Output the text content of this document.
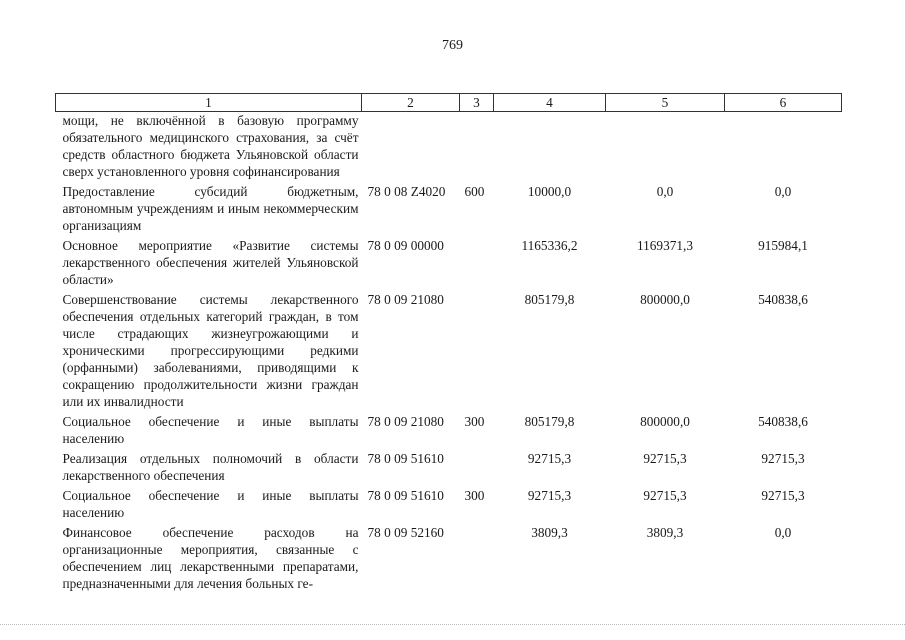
769
1	2	3	4	5	6
мощи, не включённой в базовую программу обязательного медицинского страхования, за счёт средств областного бюджета Ульяновской области сверх установленного уровня софинансирования					
Предоставление субсидий бюджетным, автономным учреждениям и иным некоммерческим организациям	78 0 08 Z4020	600	10000,0	0,0	0,0
Основное мероприятие «Развитие системы лекарственного обеспечения жителей Ульяновской области»	78 0 09 00000		1165336,2	1169371,3	915984,1
Совершенствование системы лекарственного обеспечения отдельных категорий граждан, в том числе страдающих жизнеугрожающими и хроническими прогрессирующими редкими (орфанными) заболеваниями, приводящими к сокращению продолжительности жизни граждан или их инвалидности	78 0 09 21080		805179,8	800000,0	540838,6
Социальное обеспечение и иные выплаты населению	78 0 09 21080	300	805179,8	800000,0	540838,6
Реализация отдельных полномочий в области лекарственного обеспечения	78 0 09 51610		92715,3	92715,3	92715,3
Социальное обеспечение и иные выплаты населению	78 0 09 51610	300	92715,3	92715,3	92715,3
Финансовое обеспечение расходов на организационные мероприятия, связанные с обеспечением лиц лекарственными препаратами, предназначенными для лечения больных ге-	78 0 09 52160		3809,3	3809,3	0,0
